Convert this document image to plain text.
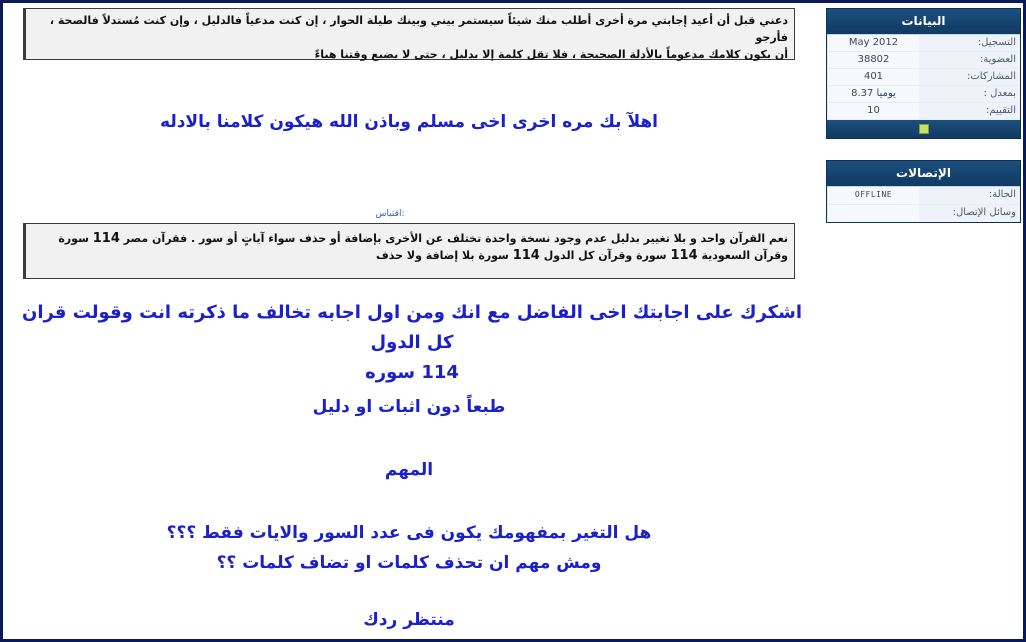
البيانات
May 2012	التسجيل:
38802	العضوية:
401	المشاركات:
8.37 يوميا	بمعدل :
10	التقييم:
الإتصالات
OFFLINE	الحالة:
وسائل الإتصال:
دعني قبل أن أعيد إجابتي مرة أخرى أطلب منك شيئاً سيستمر بيني وبينك طيلة الحوار ، إن كنت مدعياً فالدليل ، وإن كنت مُستدلاً فالصحة ، فأرجو
أن يكون كلامك مدعوماً بالأدلة الصحيحة ، فلا تقل كلمة إلا بدليل ، حتى لا يضيع وقتنا هباءً
اهلآ بك مره اخرى اخى مسلم وباذن الله هيكون كلامنا بالادله
اقتباس:
نعم القرآن واحد و بلا تغيير بدليل عدم وجود نسخة واحدة تختلف عن الأخرى بإضافة أو حذف سواء آياتٍ أو سور . فقرآن مصر 114 سورة
وقرآن السعودية 114 سورة وقرآن كل الدول 114 سورة بلا إضافة ولا حذف
اشكرك على اجابتك اخى الفاضل مع انك ومن اول اجابه تخالف ما ذكرته انت وقولت قران كل الدول
114 سوره
طبعاً دون اثبات او دليل
المهم
هل التغير بمفهومك يكون فى عدد السور والايات فقط ؟؟؟
ومش مهم ان تحذف كلمات او تضاف كلمات ؟؟
منتظر ردك
